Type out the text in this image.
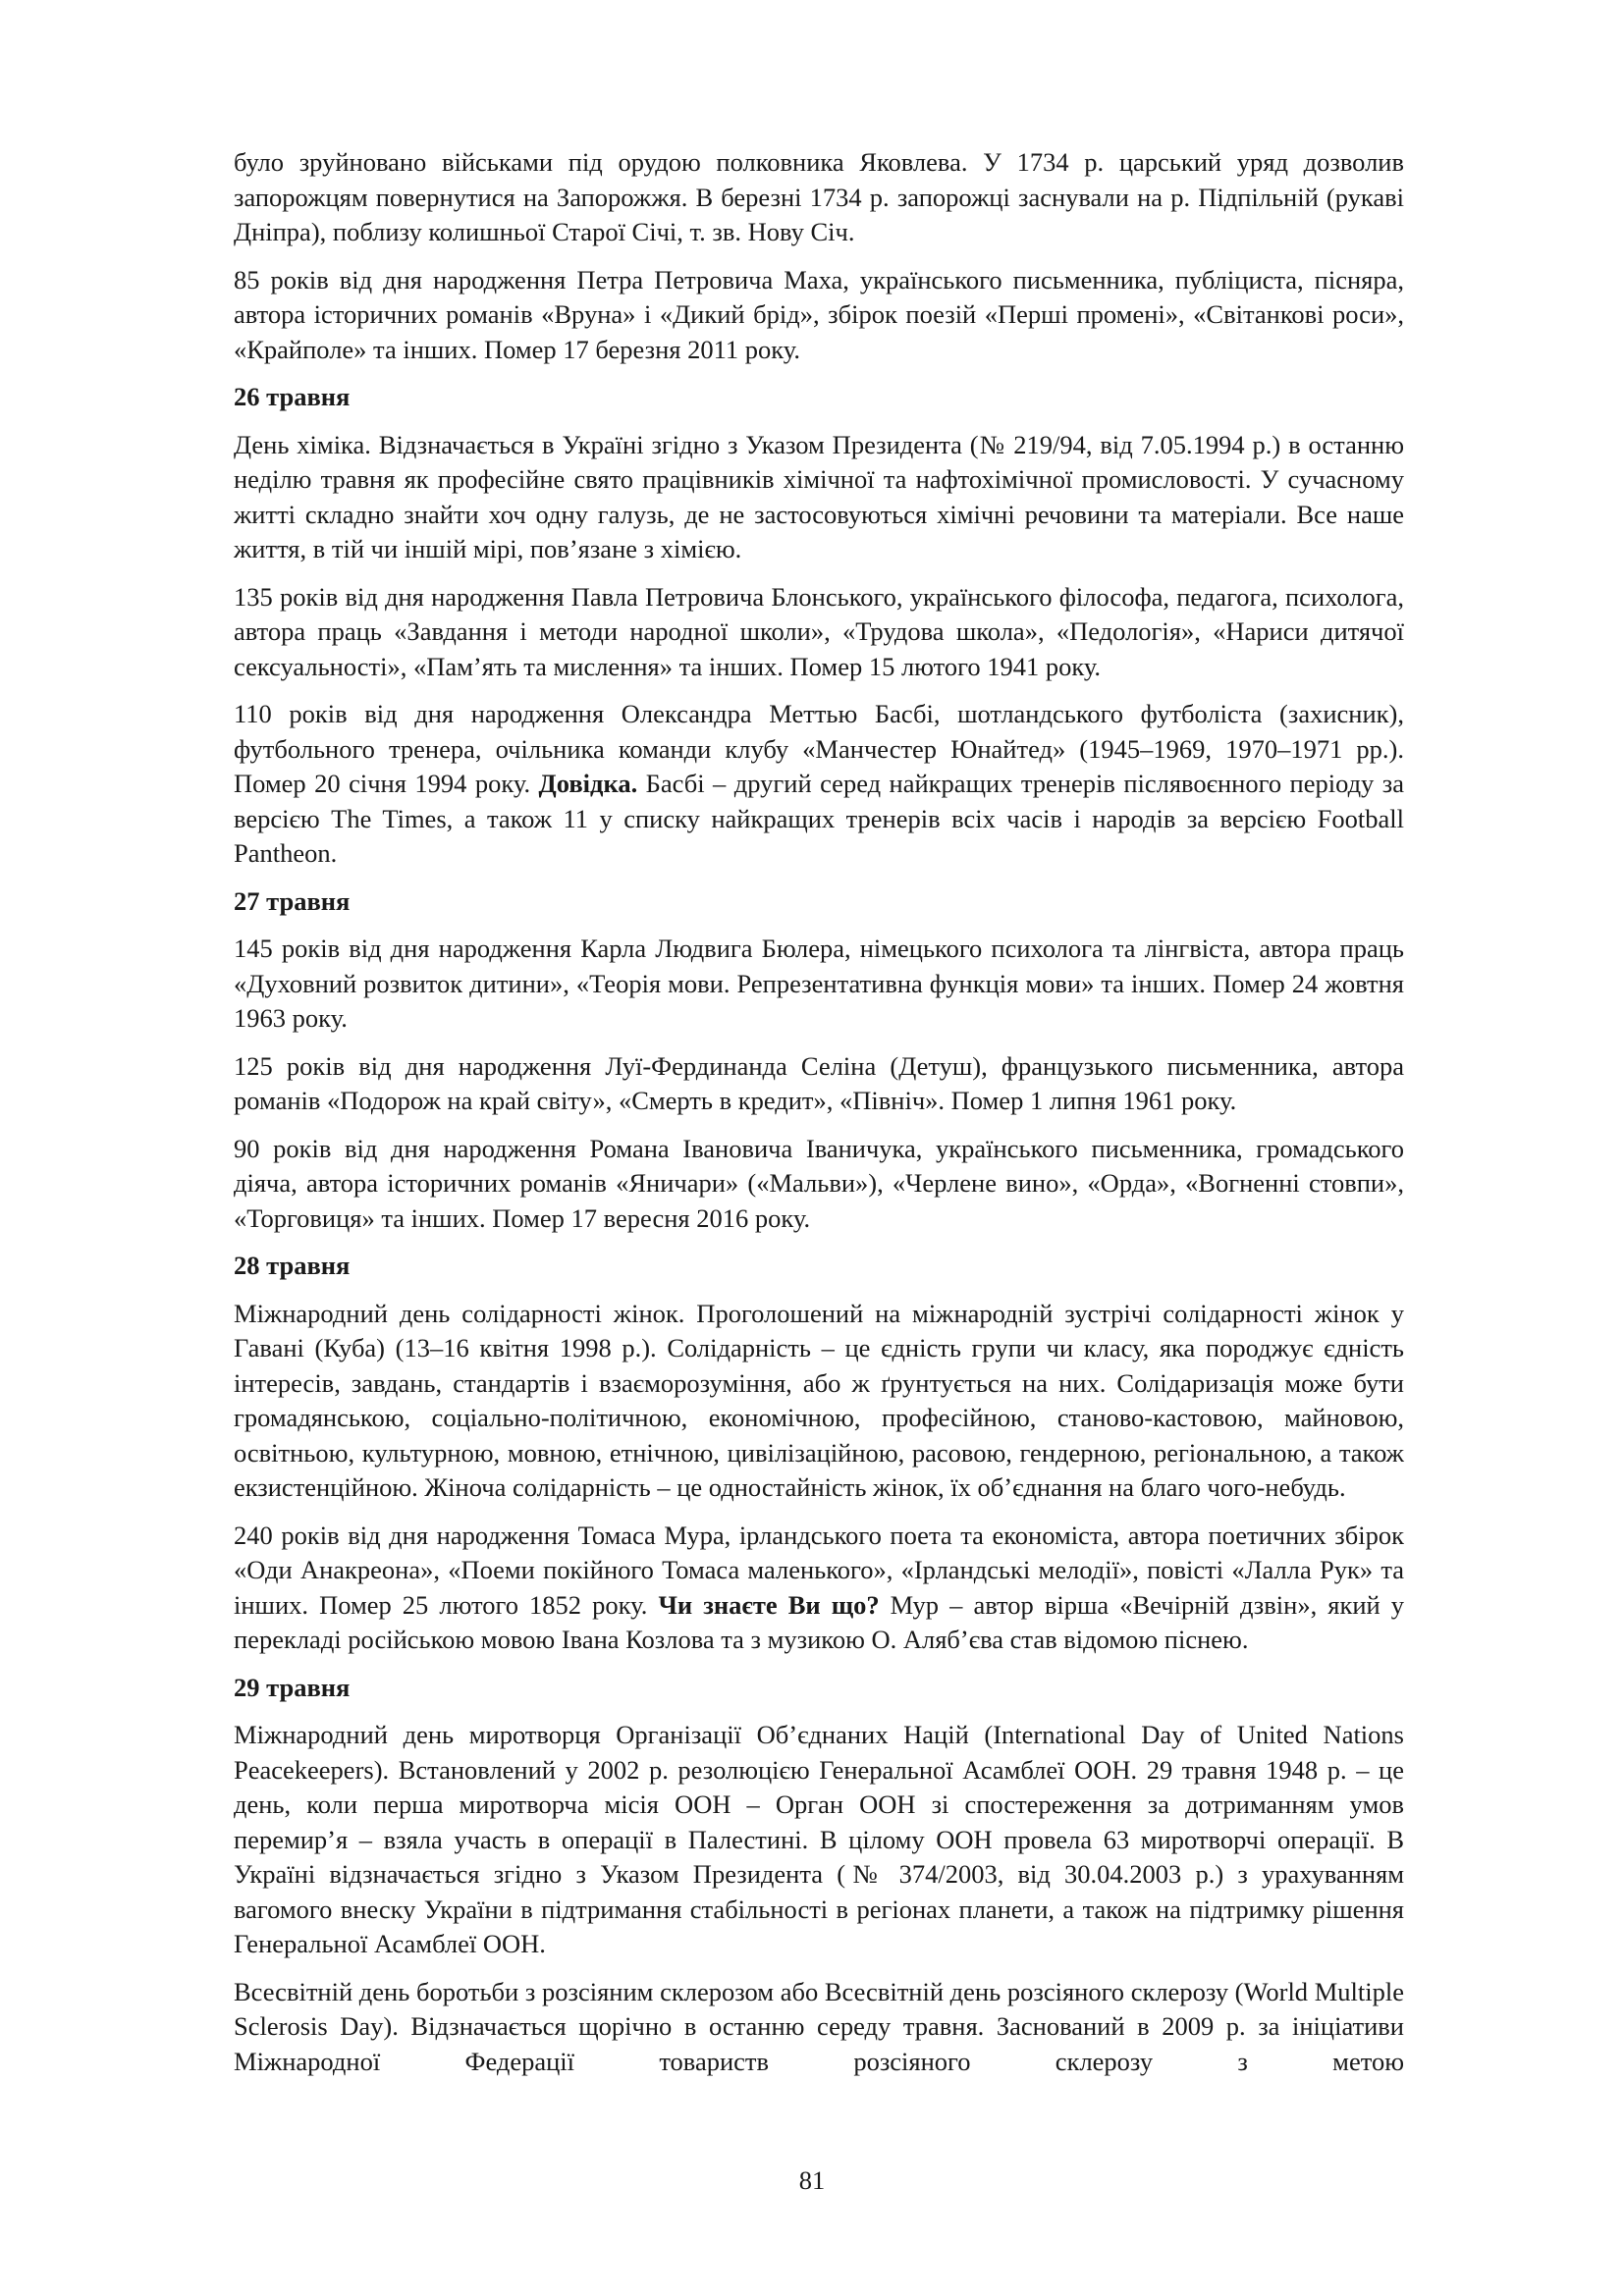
було зруйновано військами під орудою полковника Яковлева. У 1734 р. царський уряд дозволив запорожцям повернутися на Запорожжя. В березні 1734 р. запорожці заснували на р. Підпільній (рукаві Дніпра), поблизу колишньої Старої Січі, т. зв. Нову Січ.

85 років від дня народження Петра Петровича Маха, українського письменника, публіциста, пісняра, автора історичних романів «Вруна» і «Дикий брід», збірок поезій «Перші промені», «Світанкові роси», «Крайполе» та інших. Помер 17 березня 2011 року.

26 травня

День хіміка. Відзначається в Україні згідно з Указом Президента (№ 219/94, від 7.05.1994 р.) в останню неділю травня як професійне свято працівників хімічної та нафтохімічної промисловості. У сучасному житті складно знайти хоч одну галузь, де не застосовуються хімічні речовини та матеріали. Все наше життя, в тій чи іншій мірі, пов’язане з хімією.

135 років від дня народження Павла Петровича Блонського, українського філософа, педагога, психолога, автора праць «Завдання і методи народної школи», «Трудова школа», «Педологія», «Нариси дитячої сексуальності», «Пам’ять та мислення» та інших. Помер 15 лютого 1941 року.

110 років від дня народження Олександра Меттью Басбі, шотландського футболіста (захисник), футбольного тренера, очільника команди клубу «Манчестер Юнайтед» (1945–1969, 1970–1971 рр.). Помер 20 січня 1994 року. Довідка. Басбі – другий серед найкращих тренерів післявоєнного періоду за версією The Times, а також 11 у списку найкращих тренерів всіх часів і народів за версією Football Pantheon.

27 травня

145 років від дня народження Карла Людвига Бюлера, німецького психолога та лінгвіста, автора праць «Духовний розвиток дитини», «Теорія мови. Репрезентативна функція мови» та інших. Помер 24 жовтня 1963 року.

125 років від дня народження Луї-Фердинанда Селіна (Детуш), французького письменника, автора романів «Подорож на край світу», «Смерть в кредит», «Північ». Помер 1 липня 1961 року.

90 років від дня народження Романа Івановича Іваничука, українського письменника, громадського діяча, автора історичних романів «Яничари» («Мальви»), «Черлене вино», «Орда», «Вогненні стовпи», «Торговиця» та інших. Помер 17 вересня 2016 року.

28 травня

Міжнародний день солідарності жінок. Проголошений на міжнародній зустрічі солідарності жінок у Гавані (Куба) (13–16 квітня 1998 р.). Солідарність – це єдність групи чи класу, яка породжує єдність інтересів, завдань, стандартів і взаєморозуміння, або ж ґрунтується на них. Солідаризація може бути громадянською, соціально-політичною, економічною, професійною, станово-кастовою, майновою, освітньою, культурною, мовною, етнічною, цивілізаційною, расовою, гендерною, регіональною, а також екзистенційною. Жіноча солідарність – це одностайність жінок, їх об’єднання на благо чого-небудь.

240 років від дня народження Томаса Мура, ірландського поета та економіста, автора поетичних збірок «Оди Анакреона», «Поеми покійного Томаса маленького», «Ірландські мелодії», повісті «Лалла Рук» та інших. Помер 25 лютого 1852 року. Чи знаєте Ви що? Мур – автор вірша «Вечірній дзвін», який у перекладі російською мовою Івана Козлова та з музикою О. Аляб’єва став відомою піснею.

29 травня

Міжнародний день миротворця Організації Об’єднаних Націй (International Day of United Nations Peacekeepers). Встановлений у 2002 р. резолюцією Генеральної Асамблеї ООН. 29 травня 1948 р. – це день, коли перша миротворча місія ООН – Орган ООН зі спостереження за дотриманням умов перемир’я – взяла участь в операції в Палестині. В цілому ООН провела 63 миротворчі операції. В Україні відзначається згідно з Указом Президента (№ 374/2003, від 30.04.2003 р.) з урахуванням вагомого внеску України в підтримання стабільності в регіонах планети, а також на підтримку рішення Генеральної Асамблеї ООН.

Всесвітній день боротьби з розсіяним склерозом або Всесвітній день розсіяного склерозу (World Multiple Sclerosis Day). Відзначається щорічно в останню середу травня. Заснований в 2009 р. за ініціативи Міжнародної Федерації товариств розсіяного склерозу з метою

81
